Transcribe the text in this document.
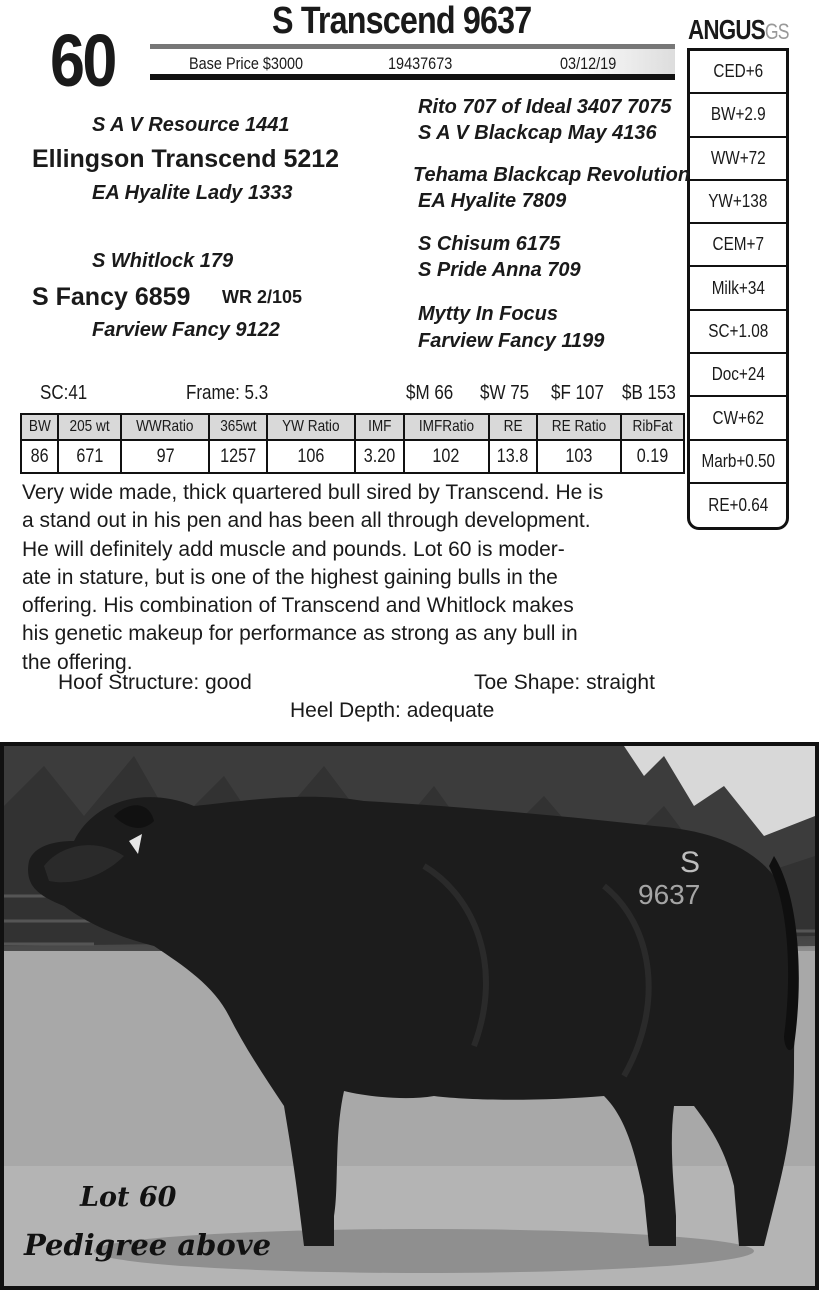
60	S Transcend 9637
Base Price $3000	19437673	03/12/19
ANGUSGS
CED+6
BW+2.9
WW+72
YW+138
CEM+7
Milk+34
SC+1.08
Doc+24
CW+62
Marb+0.50
RE+0.64
S A V Resource 1441
Ellingson Transcend 5212
EA Hyalite Lady 1333
S Whitlock 179
S Fancy 6859 WR 2/105
Farview Fancy 9122
Rito 707 of Ideal 3407 7075
S A V Blackcap May 4136
Tehama Blackcap Revolution
EA Hyalite 7809
S Chisum 6175
S Pride Anna 709
Mytty In Focus
Farview Fancy 1199
SC:41	Frame: 5.3	$M 66 $W 75 $F 107 $B 153
BW	205 wt	WWRatio	365wt	YW Ratio	IMF	IMFRatio	RE	RE Ratio	RibFat
86	671	97	1257	106	3.20	102	13.8	103	0.19
Very wide made, thick quartered bull sired by Transcend. He is
a stand out in his pen and has been all through development.
He will definitely add muscle and pounds. Lot 60 is moder-
ate in stature, but is one of the highest gaining bulls in the
offering. His combination of Transcend and Whitlock makes
his genetic makeup for performance as strong as any bull in
the offering.
Hoof Structure: good	Toe Shape: straight
Heel Depth: adequate
S
9637
Lot 60
Pedigree above
